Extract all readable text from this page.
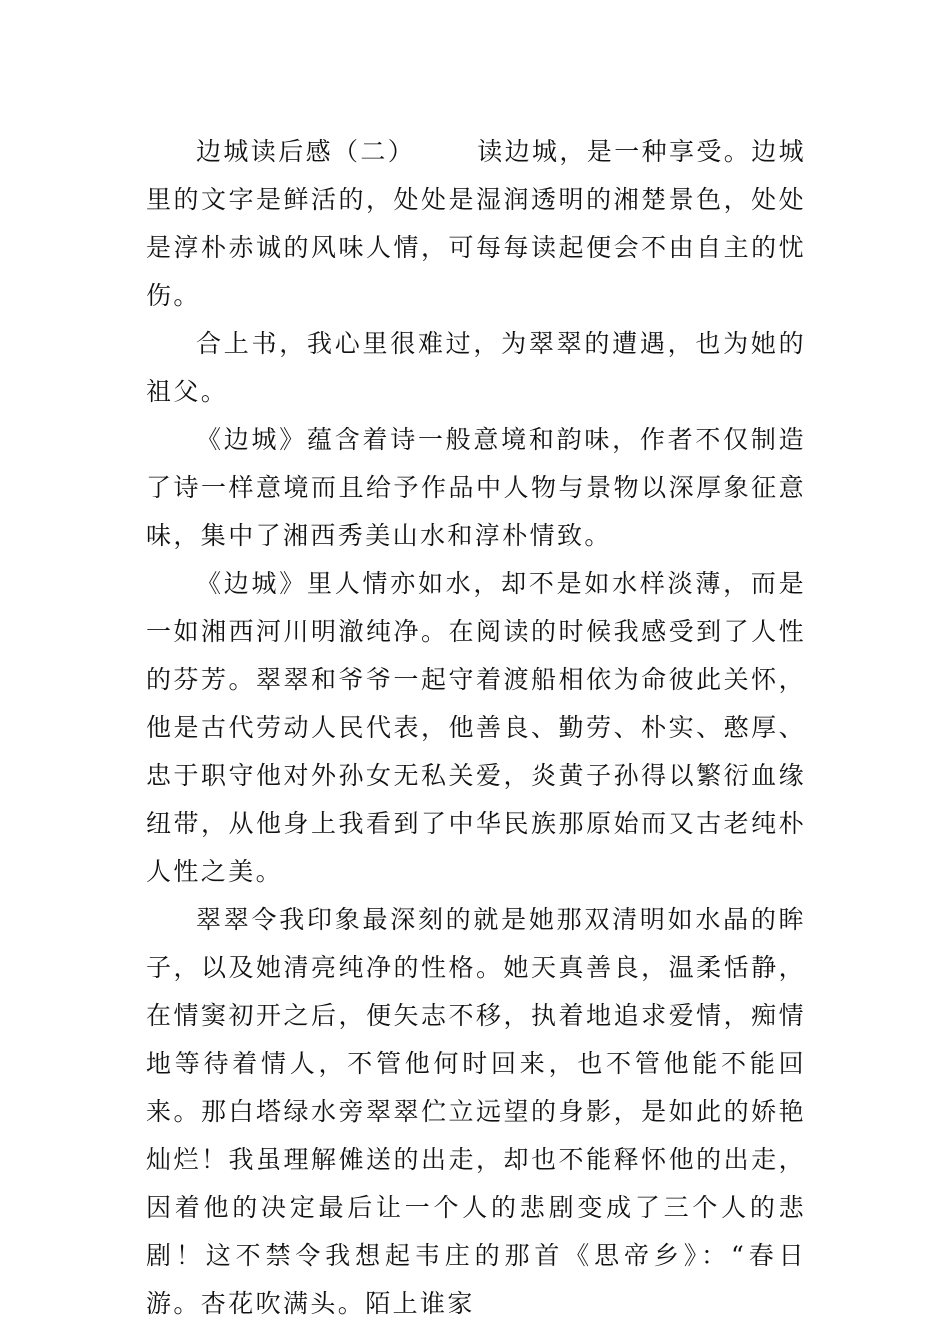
边城读后感（二） 读边城，是一种享受。边城里的文字是鲜活的，处处是湿润透明的湘楚景色，处处是淳朴赤诚的风味人情，可每每读起便会不由自主的忧伤。

合上书，我心里很难过，为翠翠的遭遇，也为她的祖父。

《边城》蕴含着诗一般意境和韵味，作者不仅制造了诗一样意境而且给予作品中人物与景物以深厚象征意味，集中了湘西秀美山水和淳朴情致。

《边城》里人情亦如水，却不是如水样淡薄，而是一如湘西河川明澈纯净。在阅读的时候我感受到了人性的芬芳。翠翠和爷爷一起守着渡船相依为命彼此关怀，他是古代劳动人民代表，他善良、勤劳、朴实、憨厚、忠于职守他对外孙女无私关爱，炎黄子孙得以繁衍血缘纽带，从他身上我看到了中华民族那原始而又古老纯朴人性之美。

翠翠令我印象最深刻的就是她那双清明如水晶的眸子，以及她清亮纯净的性格。她天真善良，温柔恬静，在情窦初开之后，便矢志不移，执着地追求爱情，痴情地等待着情人，不管他何时回来，也不管他能不能回来。那白塔绿水旁翠翠伫立远望的身影，是如此的娇艳灿烂！我虽理解傩送的出走，却也不能释怀他的出走，因着他的决定最后让一个人的悲剧变成了三个人的悲剧！这不禁令我想起韦庄的那首《思帝乡》：“春日游。杏花吹满头。陌上谁家
